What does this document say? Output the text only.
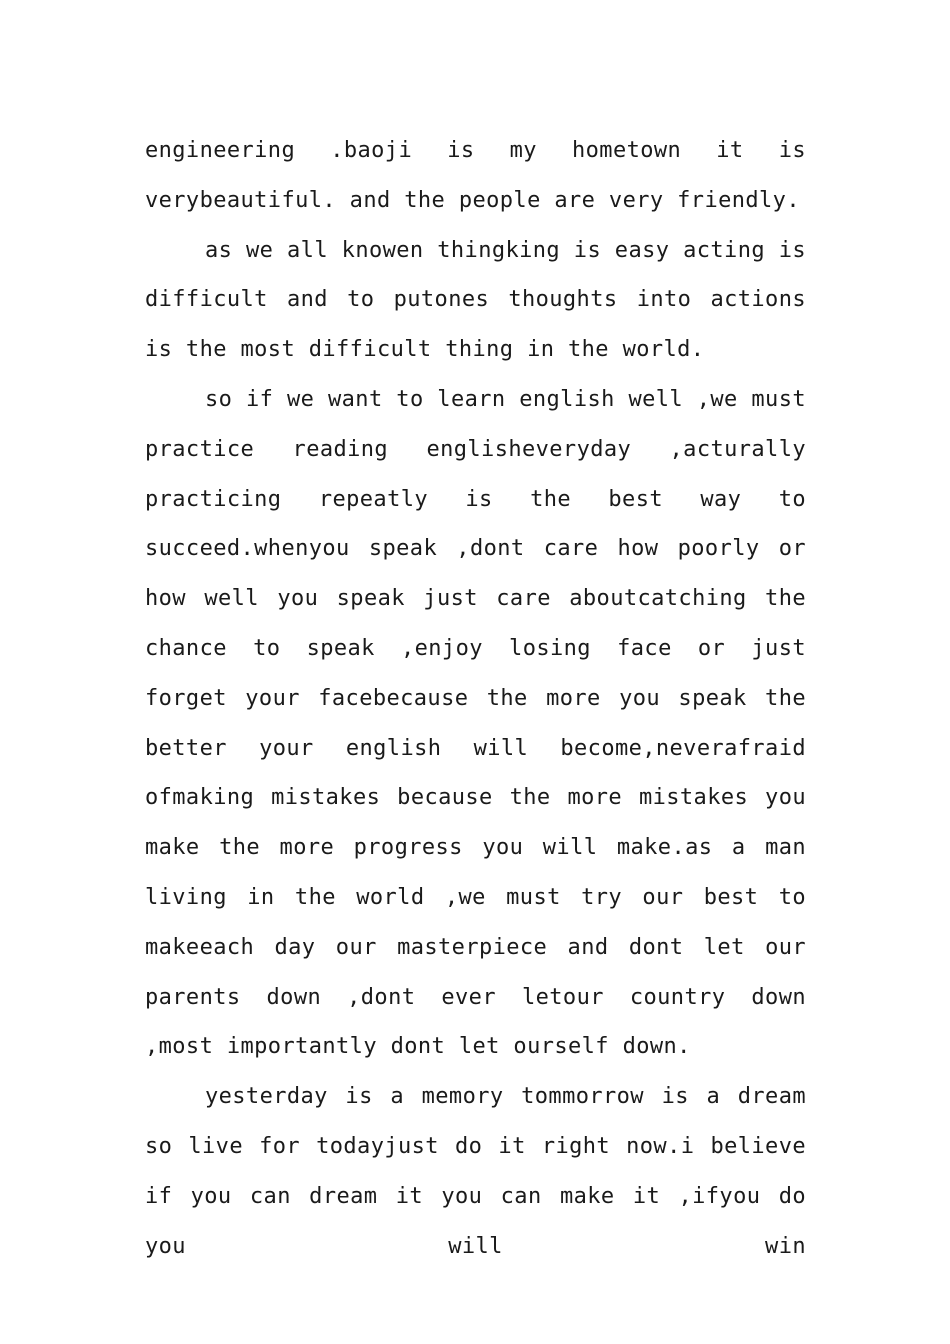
engineering .baoji is my hometown it is verybeautiful. and the people are very friendly.

as we all knowen thingking is easy acting is difficult and to putones thoughts into actions is the most difficult thing in the world.

so if we want to learn english well ,we must practice reading englisheveryday ,acturally practicing repeatly is the best way to succeed.whenyou speak ,dont care how poorly or how well you speak just care aboutcatching the chance to speak ,enjoy losing face or just forget your facebecause the more you speak the better your english will become,neverafraid ofmaking mistakes because the more mistakes you make the more progress you will make.as a man living in the world ,we must try our best to makeeach day our masterpiece and dont let our parents down ,dont ever letour country down ,most importantly dont let ourself down.

yesterday is a memory tommorrow is a dream so live for todayjust do it right now.i believe if you can dream it you can make it ,ifyou do you will win
